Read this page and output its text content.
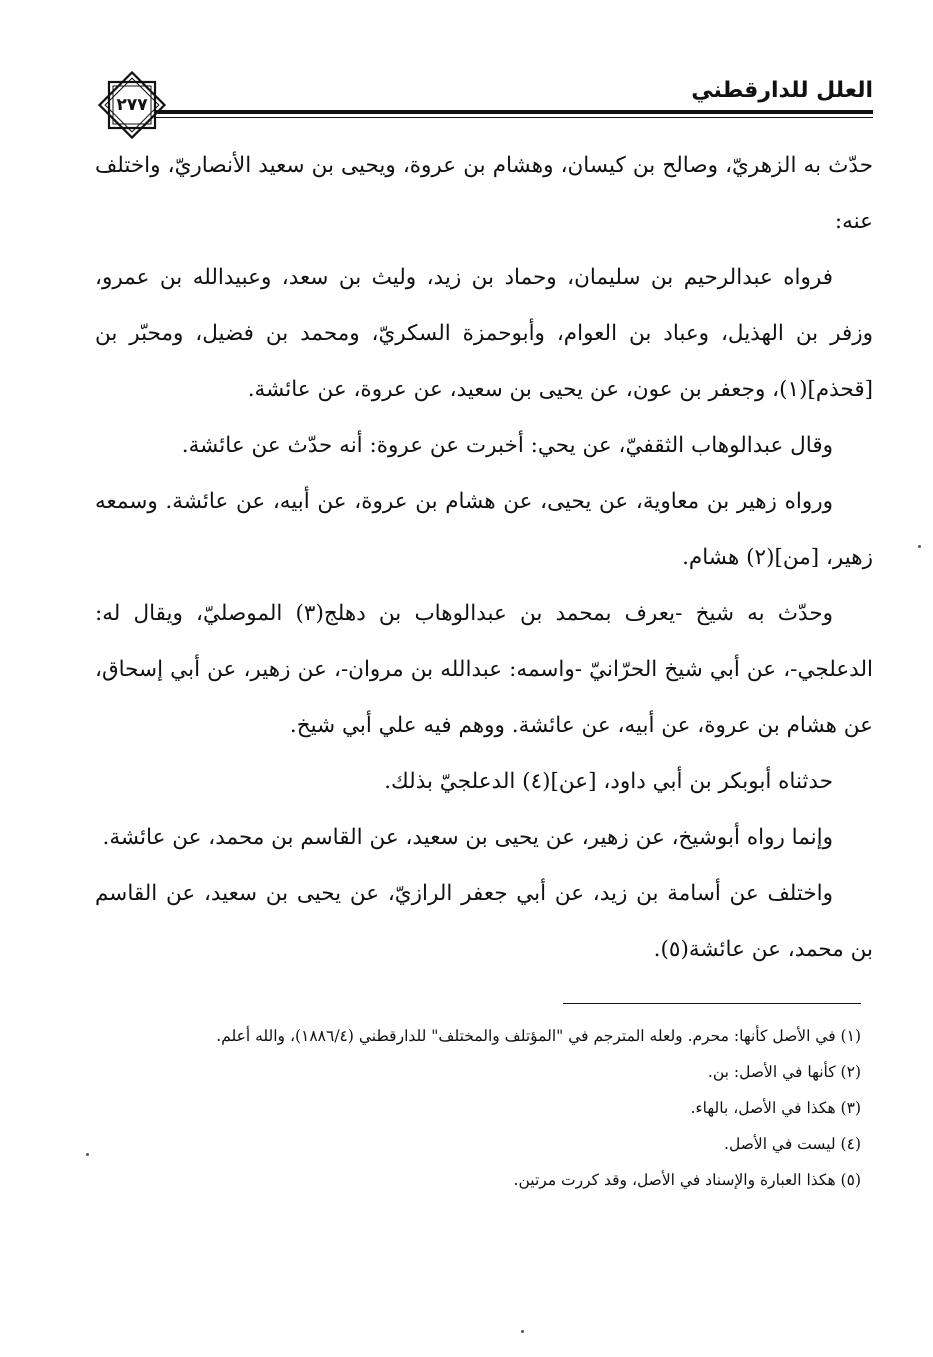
العلل للدارقطني
٢٧٧

حدّث به الزهريّ، وصالح بن كيسان، وهشام بن عروة، ويحيى بن سعيد الأنصاريّ، واختلف عنه:

فرواه عبدالرحيم بن سليمان، وحماد بن زيد، وليث بن سعد، وعبيدالله بن عمرو، وزفر بن الهذيل، وعباد بن العوام، وأبوحمزة السكريّ، ومحمد بن فضيل، ومحبّر بن [قحذم](١)، وجعفر بن عون، عن يحيى بن سعيد، عن عروة، عن عائشة.

وقال عبدالوهاب الثقفيّ، عن يحي: أخبرت عن عروة: أنه حدّث عن عائشة.

ورواه زهير بن معاوية، عن يحيى، عن هشام بن عروة، عن أبيه، عن عائشة. وسمعه زهير، [من](٢) هشام.

وحدّث به شيخ -يعرف بمحمد بن عبدالوهاب بن دهلج(٣) الموصليّ، ويقال له: الدعلجي-، عن أبي شيخ الحرّانيّ -واسمه: عبدالله بن مروان-، عن زهير، عن أبي إسحاق، عن هشام بن عروة، عن أبيه، عن عائشة. ووهم فيه علي أبي شيخ.

حدثناه أبوبكر بن أبي داود، [عن](٤) الدعلجيّ بذلك.

وإنما رواه أبوشيخ، عن زهير، عن يحيى بن سعيد، عن القاسم بن محمد، عن عائشة.

واختلف عن أسامة بن زيد، عن أبي جعفر الرازيّ، عن يحيى بن سعيد، عن القاسم بن محمد، عن عائشة(٥).

(١) في الأصل كأنها: محرم. ولعله المترجم في "المؤتلف والمختلف" للدارقطني (١٨٨٦/٤)، والله أعلم.

(٢) كأنها في الأصل: بن.

(٣) هكذا في الأصل، بالهاء.

(٤) ليست في الأصل.

(٥) هكذا العبارة والإسناد في الأصل، وقد كررت مرتين.
